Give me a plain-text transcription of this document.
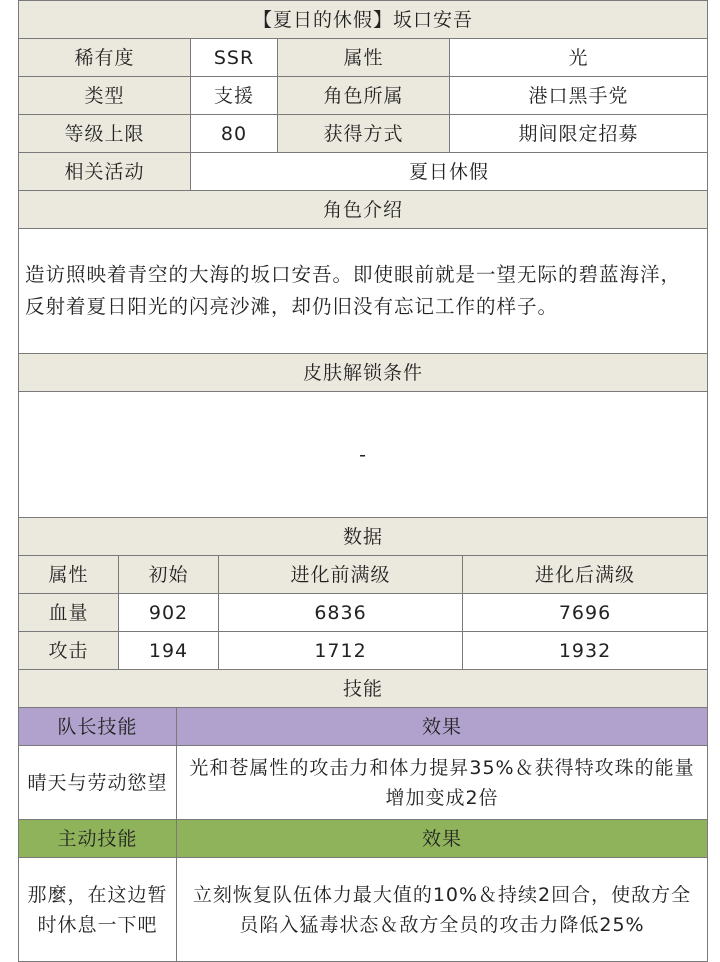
【夏日的休假】坂口安吾			
稀有度	SSR	属性	光
类型	支援	角色所属	港口黑手党
等级上限	80	获得方式	期间限定招募
相关活动	夏日休假		
角色介绍			
造访照映着青空的大海的坂口安吾。即使眼前就是一望无际的碧蓝海洋，反射着夏日阳光的闪亮沙滩，却仍旧没有忘记工作的样子。			
皮肤解锁条件			
-			
数据			
属性	初始	进化前满级	进化后满级
血量	902	6836	7696
攻击	194	1712	1932
技能			
队长技能	效果
晴天与劳动慾望	光和苍属性的攻击力和体力提昇35%＆获得特攻珠的能量增加变成2倍
主动技能	效果
那麼，在这边暂时休息一下吧	立刻恢复队伍体力最大值的10%＆持续2回合，使敌方全员陷入猛毒状态＆敌方全员的攻击力降低25%
